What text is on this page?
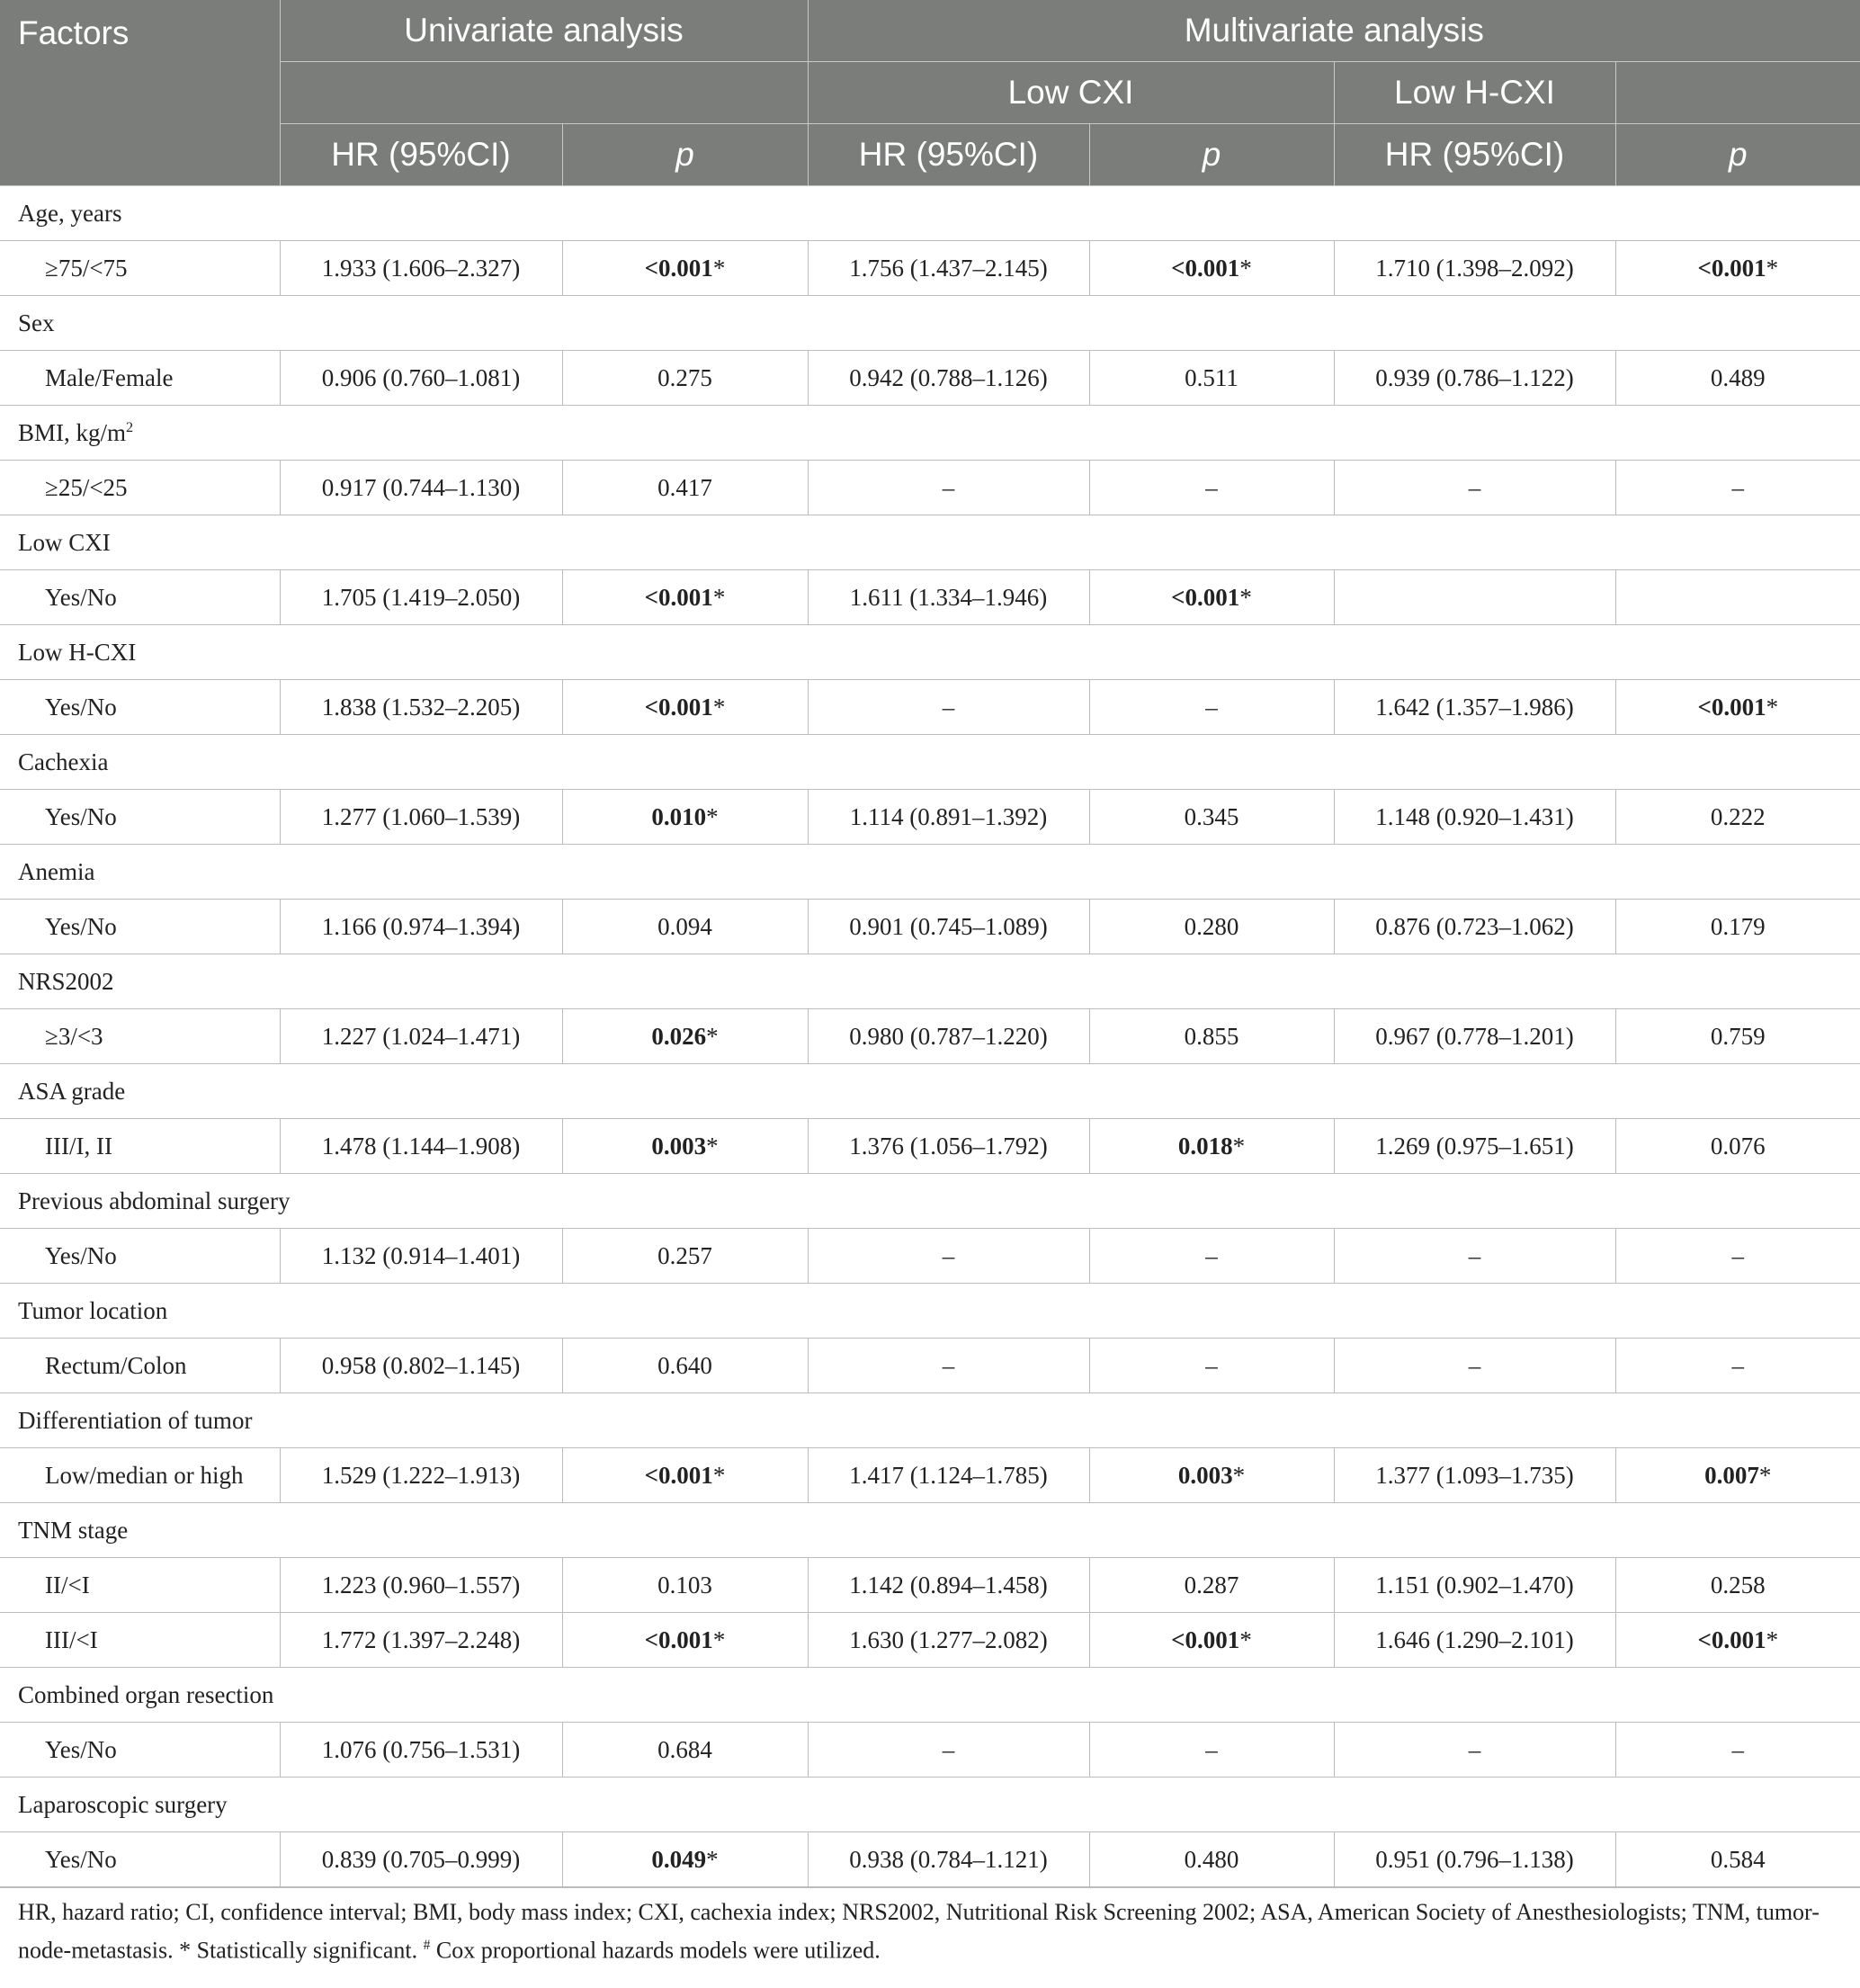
Factors	Univariate analysis		Multivariate analysis			
			Low CXI		Low H-CXI	
	HR (95%CI)	p	HR (95%CI)	p	HR (95%CI)	p
Age, years						
≥75/<75	1.933 (1.606–2.327)	<0.001*	1.756 (1.437–2.145)	<0.001*	1.710 (1.398–2.092)	<0.001*
Sex						
Male/Female	0.906 (0.760–1.081)	0.275	0.942 (0.788–1.126)	0.511	0.939 (0.786–1.122)	0.489
BMI, $kg/m^2$
≥25/<25	0.917 (0.744–1.130)	0.417	–	–	–	–
Low CXI						
Yes/No	1.705 (1.419–2.050)	<0.001*	1.611 (1.334–1.946)	<0.001*		
Low H-CXI						
Yes/No	1.838 (1.532–2.205)	<0.001*	–	–	1.642 (1.357–1.986)	<0.001*
Cachexia						
Yes/No	1.277 (1.060–1.539)	0.010*	1.114 (0.891–1.392)	0.345	1.148 (0.920–1.431)	0.222
Anemia						
Yes/No	1.166 (0.974–1.394)	0.094	0.901 (0.745–1.089)	0.280	0.876 (0.723–1.062)	0.179
NRS2002						
≥3/<3	1.227 (1.024–1.471)	0.026*	0.980 (0.787–1.220)	0.855	0.967 (0.778–1.201)	0.759
ASA grade						
III/I, II	1.478 (1.144–1.908)	0.003*	1.376 (1.056–1.792)	0.018*	1.269 (0.975–1.651)	0.076
Previous abdominal surgery						
Yes/No	1.132 (0.914–1.401)	0.257	–	–	–	–
Tumor location						
Rectum/Colon	0.958 (0.802–1.145)	0.640	–	–	–	–
Differentiation of tumor						
Low/median or high	1.529 (1.222–1.913)	<0.001*	1.417 (1.124–1.785)	0.003*	1.377 (1.093–1.735)	0.007*
TNM stage						
II/<I	1.223 (0.960–1.557)	0.103	1.142 (0.894–1.458)	0.287	1.151 (0.902–1.470)	0.258
III/<I	1.772 (1.397–2.248)	<0.001*	1.630 (1.277–2.082)	<0.001*	1.646 (1.290–2.101)	<0.001*
Combined organ resection						
Yes/No	1.076 (0.756–1.531)	0.684	–	–	–	–
Laparoscopic surgery						
Yes/No	0.839 (0.705–0.999)	0.049*	0.938 (0.784–1.121)	0.480	0.951 (0.796–1.138)	0.584
HR, hazard ratio; CI, confidence interval; BMI, body mass index; CXI, cachexia index; NRS2002, Nutritional Risk Screening 2002; ASA, American Society of Anesthesiologists; TNM, tumor-node-metastasis. * Statistically significant. # Cox proportional hazards models were utilized.
